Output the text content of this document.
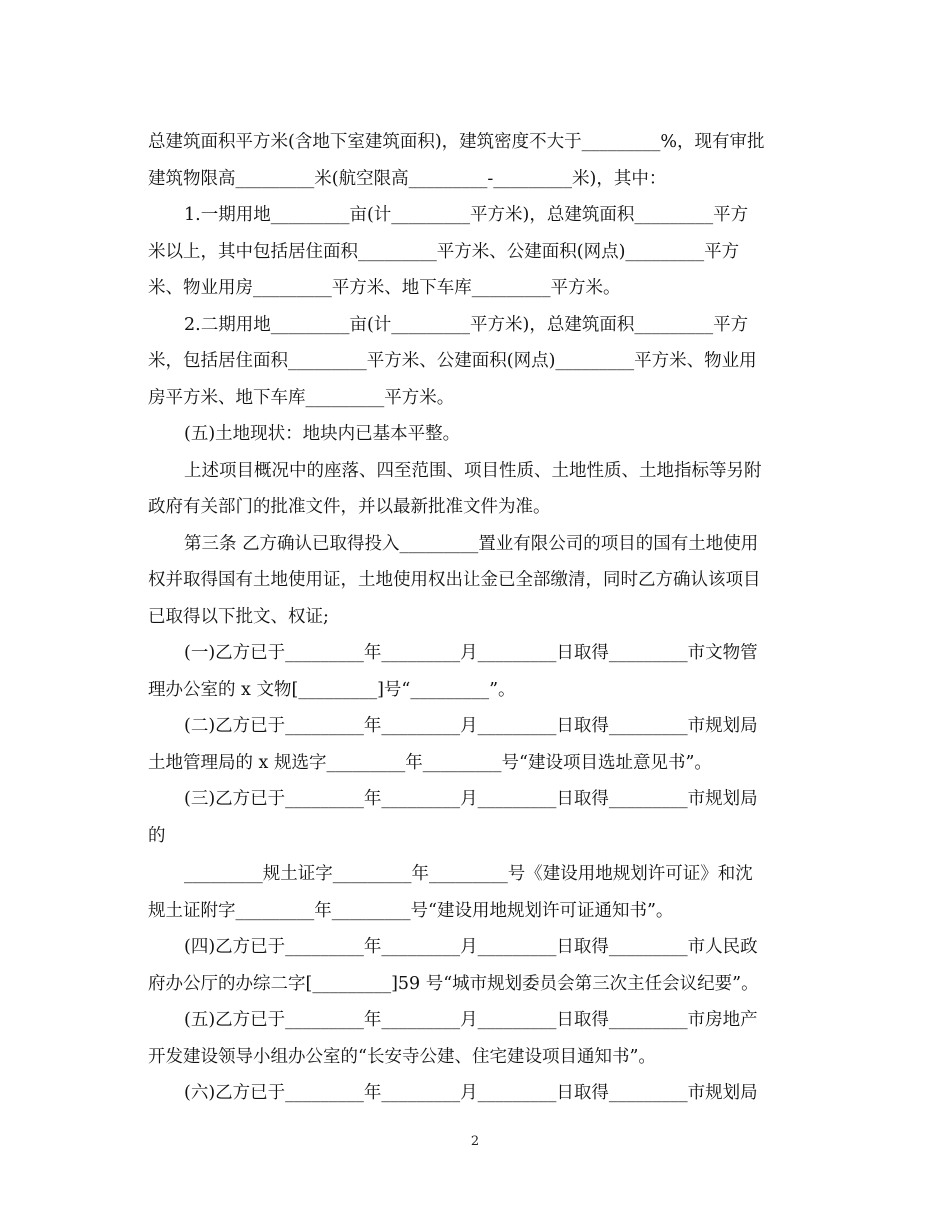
总建筑面积平方米(含地下室建筑面积)，建筑密度不大于_________%，现有审批

建筑物限高_________米(航空限高_________-_________米)，其中：

1.一期用地_________亩(计_________平方米)，总建筑面积_________平方

米以上，其中包括居住面积_________平方米、公建面积(网点)_________平方

米、物业用房_________平方米、地下车库_________平方米。

2.二期用地_________亩(计_________平方米)，总建筑面积_________平方

米，包括居住面积_________平方米、公建面积(网点)_________平方米、物业用

房平方米、地下车库_________平方米。

(五)土地现状：地块内已基本平整。

上述项目概况中的座落、四至范围、项目性质、土地性质、土地指标等另附

政府有关部门的批准文件，并以最新批准文件为准。

第三条 乙方确认已取得投入_________置业有限公司的项目的国有土地使用

权并取得国有土地使用证，土地使用权出让金已全部缴清，同时乙方确认该项目

已取得以下批文、权证;

(一)乙方已于_________年_________月_________日取得_________市文物管

理办公室的 x 文物[_________]号“_________”。

(二)乙方已于_________年_________月_________日取得_________市规划局

土地管理局的 x 规选字_________年_________号“建设项目选址意见书”。

(三)乙方已于_________年_________月_________日取得_________市规划局

的

_________规土证字_________年_________号《建设用地规划许可证》和沈

规土证附字_________年_________号“建设用地规划许可证通知书”。

(四)乙方已于_________年_________月_________日取得_________市人民政

府办公厅的办综二字[_________]59 号“城市规划委员会第三次主任会议纪要”。

(五)乙方已于_________年_________月_________日取得_________市房地产

开发建设领导小组办公室的“长安寺公建、住宅建设项目通知书”。

(六)乙方已于_________年_________月_________日取得_________市规划局

2
